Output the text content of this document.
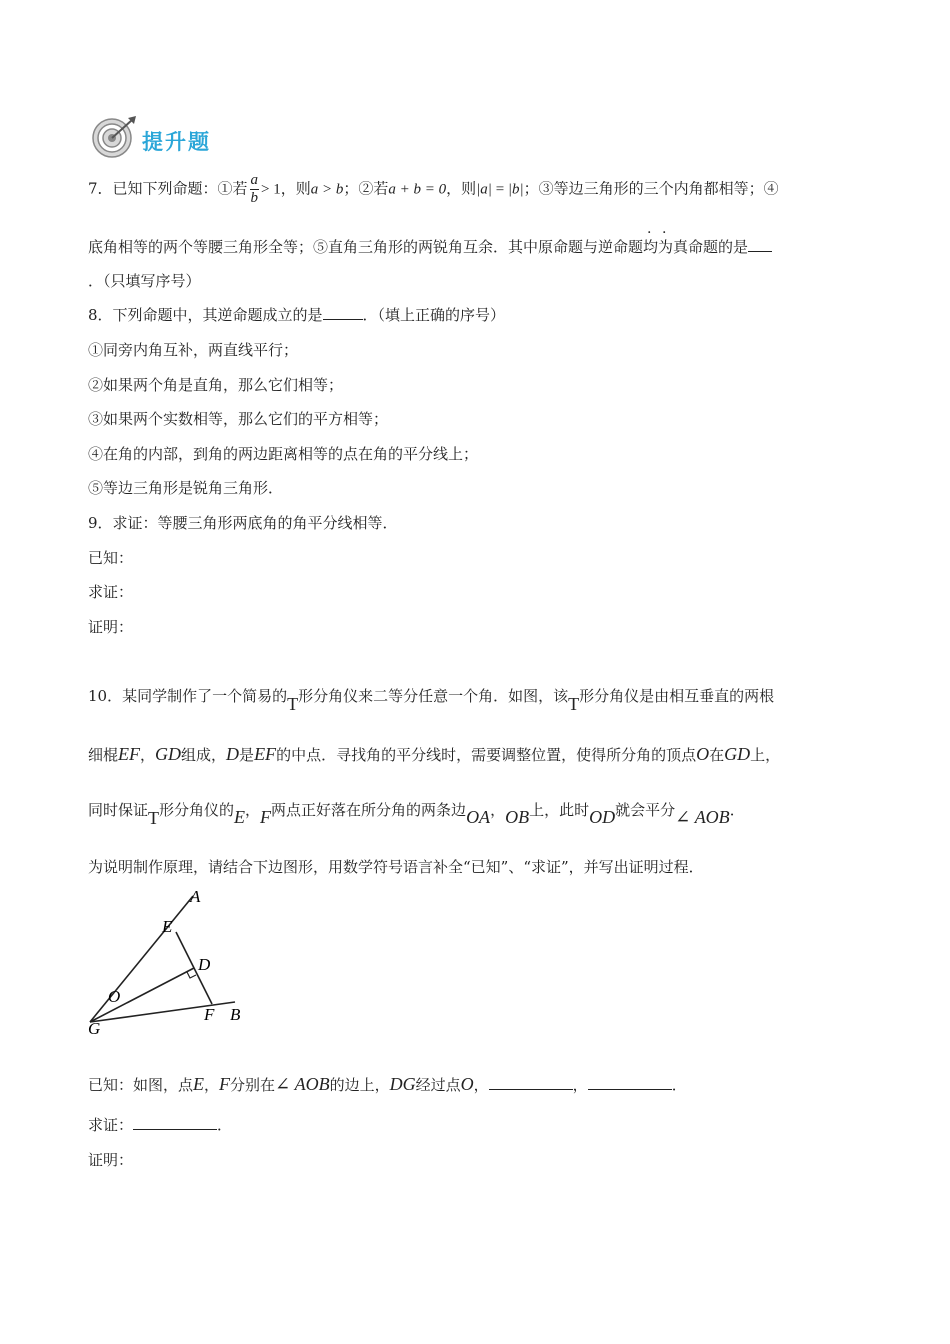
提升题
7．已知下列命题：①若 $\frac{a}{b} > 1$，则a > b；②若a + b = 0，则|a| = |b|；③等边三角形的三个内角都相等；④
底角相等的两个等腰三角形全等；⑤直角三角形的两锐角互余．其中原命题与逆命题均为真命题的是
．（只填写序号）
8．下列命题中，其逆命题成立的是	．（填上正确的序号）
①同旁内角互补，两直线平行；
②如果两个角是直角，那么它们相等；
③如果两个实数相等，那么它们的平方相等；
④在角的内部，到角的两边距离相等的点在角的平分线上；
⑤等边三角形是锐角三角形．
9．求证：等腰三角形两底角的角平分线相等．
已知：
求证：
证明：
10．某同学制作了一个简易的T形分角仪来二等分任意一个角．如图，该T形分角仪是由相互垂直的两根
细棍EF，GD组成，D是EF的中点．寻找角的平分线时，需要调整位置，使得所分角的顶点O在GD上，
同时保证T形分角仪的E，F两点正好落在所分角的两条边OA，OB上，此时OD就会平分∠ AOB．
为说明制作原理，请结合下边图形，用数学符号语言补全“已知”、“求证”，并写出证明过程．
A
E
D
O
F B
G
已知：如图，点E，F分别在∠ AOB的边上，DG经过点O，	，	．
求证：	．
证明：
